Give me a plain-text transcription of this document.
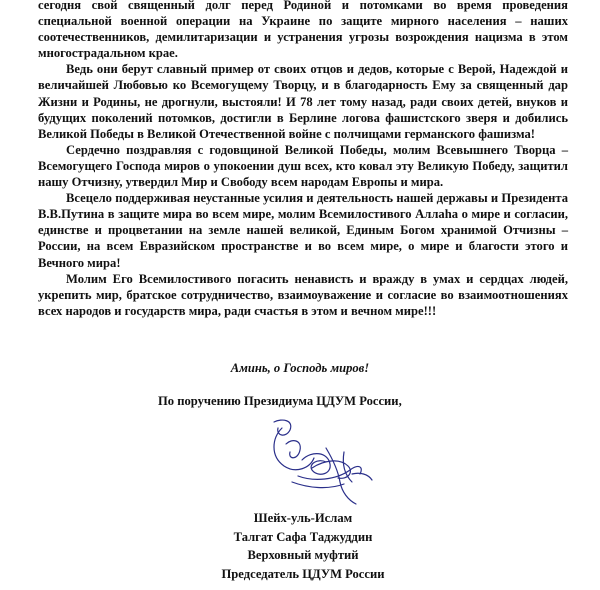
сегодня свой священный долг перед Родиной и потомками во время проведения специальной военной операции на Украине по защите мирного населения – наших соотечественников, демилитаризации и устранения угрозы возрождения нацизма в этом многострадальном крае.

Ведь они берут славный пример от своих отцов и дедов, которые с Верой, Надеждой и величайшей Любовью ко Всемогущему Творцу, и в благодарность Ему за священный дар Жизни и Родины, не дрогнули, выстояли! И 78 лет тому назад, ради своих детей, внуков и будущих поколений потомков, достигли в Берлине логова фашистского зверя и добились Великой Победы в Великой Отечественной войне с полчищами германского фашизма!

Сердечно поздравляя с годовщиной Великой Победы, молим Всевышнего Творца – Всемогущего Господа миров о упокоении душ всех, кто ковал эту Великую Победу, защитил нашу Отчизну, утвердил Мир и Свободу всем народам Европы и мира.

Всецело поддерживая неустанные усилия и деятельность нашей державы и Президента В.В.Путина в защите мира во всем мире, молим Всемилостивого Аллаһа о мире и согласии, единстве и процветании на земле нашей великой, Единым Богом хранимой Отчизны – России, на всем Евразийском пространстве и во всем мире, о мире и благости этого и Вечного мира!

Молим Его Всемилостивого погасить ненависть и вражду в умах и сердцах людей, укрепить мир, братское сотрудничество, взаимоуважение и согласие во взаимоотношениях всех народов и государств мира, ради счастья в этом и вечном мире!!!

Аминь, о Господь миров!
По поручению Президиума ЦДУМ России,
Шейх-уль-Ислам
Талгат Сафа Таджуддин
Верховный муфтий
Председатель ЦДУМ России
